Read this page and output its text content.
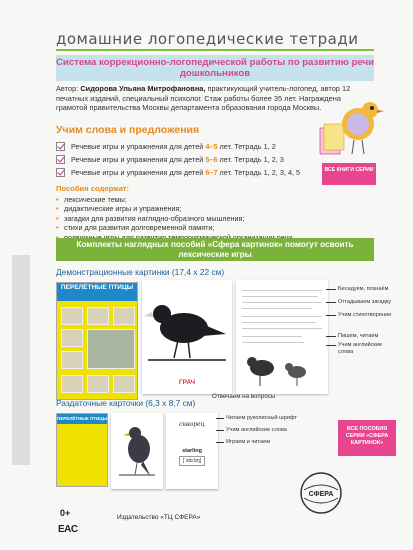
домашние логопедические тетради
Система коррекционно-логопедической работы по развитию речи дошкольников
Автор: Сидорова Ульяна Митрофановна, практикующий учитель-логопед, автор 12 печатных изданий, специальный психолог. Стаж работы более 35 лет. Награждена грамотой правительства Москвы департамента образования города Москвы.
Учим слова и предложения
Речевые игры и упражнения для детей 4–5 лет. Тетрадь 1, 2
Речевые игры и упражнения для детей 5–6 лет. Тетрадь 1, 2, 3
Речевые игры и упражнения для детей 6–7 лет. Тетрадь 1, 2, 3, 4, 5	ВСЕ КНИГИ СЕРИИ
Пособия содержат:
• лексические темы;
• дидактические игры и упражнения;
• загадки для развития наглядно-образного мышления;
• стихи для развития долговременной памяти;
•
Комплекты наглядных пособий «Сфера картинок» помогут освоить лексические игры
Демонстрационные картинки (17,4 х 22 см)
ПЕРЕЛЁТНЫЕ ПТИЦЫ
ГРАЧ
Беседуем, познаём
Отгадываем загадку
Учим стихотворение
Пишем, читаем
Учим английские слова
Отвечаем на вопросы
Раздаточные карточки (6,3 х 8,7 см)
ПЕРЕЛЁТНЫЕ ПТИЦЫ
скворец
starling
[ˈstɑːlɪŋ]
Читаем рукописный шрифт
Учим английские слова
Играем и читаем
ВСЕ ПОСОБИЯ СЕРИИ «СФЕРА КАРТИНОК»
СФЕРА
0+
EAC
Издательство «ТЦ СФЕРА»
